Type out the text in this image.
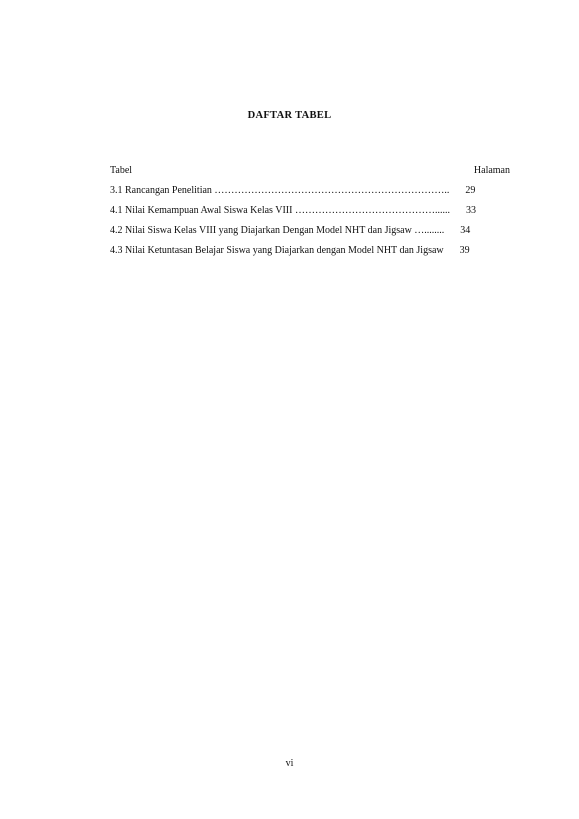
DAFTAR TABEL
Tabel	Halaman
3.1 Rancangan Penelitian ……………………………………………………………..	29
4.1 Nilai Kemampuan Awal Siswa Kelas VIII ……………………………………......	33
4.2 Nilai Siswa Kelas VIII yang Diajarkan Dengan Model NHT dan Jigsaw …........	34
4.3 Nilai Ketuntasan Belajar Siswa yang Diajarkan dengan Model NHT dan Jigsaw	39
vi
